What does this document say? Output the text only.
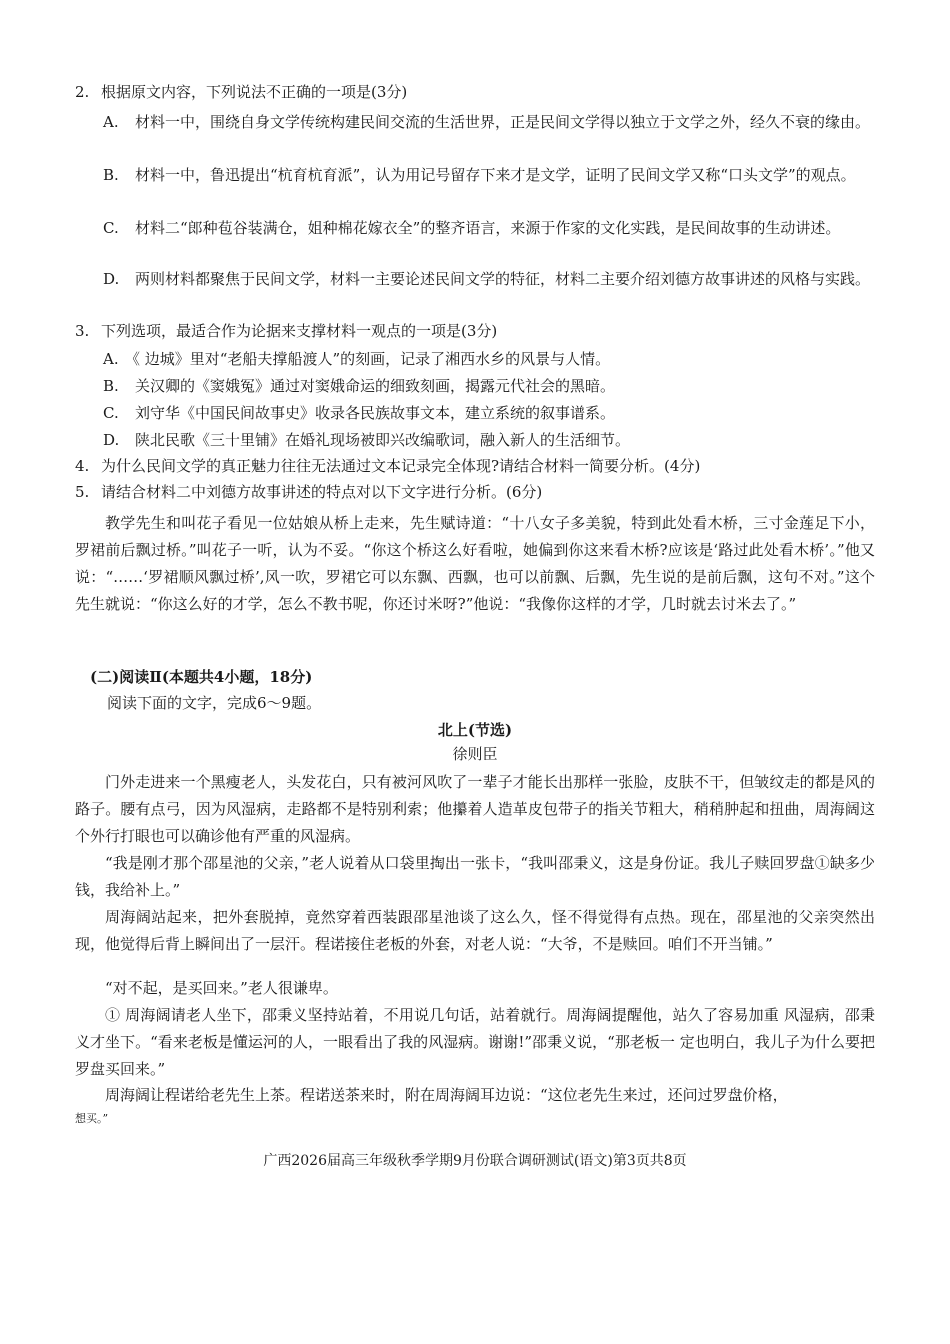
2. 根据原文内容，下列说法不正确的一项是(3分)
A.	材料一中，围绕自身文学传统构建民间交流的生活世界，正是民间文学得以独立于文学之外，经久不衰的缘由。
B.	材料一中，鲁迅提出“杭育杭育派”，认为用记号留存下来才是文学，证明了民间文学又称“口头文学”的观点。
C.	材料二“郎种苞谷装满仓，姐种棉花嫁衣全”的整齐语言，来源于作家的文化实践，是民间故事的生动讲述。
D.	两则材料都聚焦于民间文学，材料一主要论述民间文学的特征，材料二主要介绍刘德方故事讲述的风格与实践。
3. 下列选项，最适合作为论据来支撑材料一观点的一项是(3分)
A. 《 边城》里对“老船夫撑船渡人”的刻画，记录了湘西水乡的风景与人情。
B.	关汉卿的《窦娥冤》通过对窦娥命运的细致刻画，揭露元代社会的黑暗。
C.	刘守华《中国民间故事史》收录各民族故事文本，建立系统的叙事谱系。
D.	陕北民歌《三十里铺》在婚礼现场被即兴改编歌词，融入新人的生活细节。
4. 为什么民间文学的真正魅力往往无法通过文本记录完全体现?请结合材料一简要分析。(4分)
5. 请结合材料二中刘德方故事讲述的特点对以下文字进行分析。(6分)
教学先生和叫花子看见一位姑娘从桥上走来，先生赋诗道：“十八女子多美貌，特到此处看木桥，三寸金莲足下小，罗裙前后飘过桥。”叫花子一听，认为不妥。“你这个桥这么好看啦，她偏到你这来看木桥?应该是‘路过此处看木桥’。”他又说：“……‘罗裙顺风飘过桥’,风一吹，罗裙它可以东飘、西飘，也可以前飘、后飘，先生说的是前后飘，这句不对。”这个先生就说：“你这么好的才学，怎么不教书呢，你还讨米呀?”他说：“我像你这样的才学，几时就去讨米去了。”
(二)阅读Ⅱ(本题共4小题，18分)
阅读下面的文字，完成6～9题。
北上(节选)
徐则臣
门外走进来一个黑瘦老人，头发花白，只有被河风吹了一辈子才能长出那样一张脸，皮肤不干，但皱纹走的都是风的路子。腰有点弓，因为风湿病，走路都不是特别利索；他攥着人造革皮包带子的指关节粗大，稍稍肿起和扭曲，周海阔这个外行打眼也可以确诊他有严重的风湿病。
“我是刚才那个邵星池的父亲，”老人说着从口袋里掏出一张卡，“我叫邵秉义，这是身份证。我儿子赎回罗盘①缺多少钱，我给补上。”
周海阔站起来，把外套脱掉，竟然穿着西装跟邵星池谈了这么久，怪不得觉得有点热。现在，邵星池的父亲突然出现，他觉得后背上瞬间出了一层汗。程诺接住老板的外套，对老人说：“大爷，不是赎回。咱们不开当铺。”
“对不起，是买回来。”老人很谦卑。
① 周海阔请老人坐下，邵秉义坚持站着，不用说几句话，站着就行。周海阔提醒他，站久了容易加重 风湿病，邵秉义才坐下。“看来老板是懂运河的人，一眼看出了我的风湿病。谢谢!”邵秉义说，“那老板一 定也明白，我儿子为什么要把罗盘买回来。”
周海阔让程诺给老先生上茶。程诺送茶来时，附在周海阔耳边说：“这位老先生来过，还问过罗盘价格，
想买。”
广西2026届高三年级秋季学期9月份联合调研测试(语文)第3页共8页
